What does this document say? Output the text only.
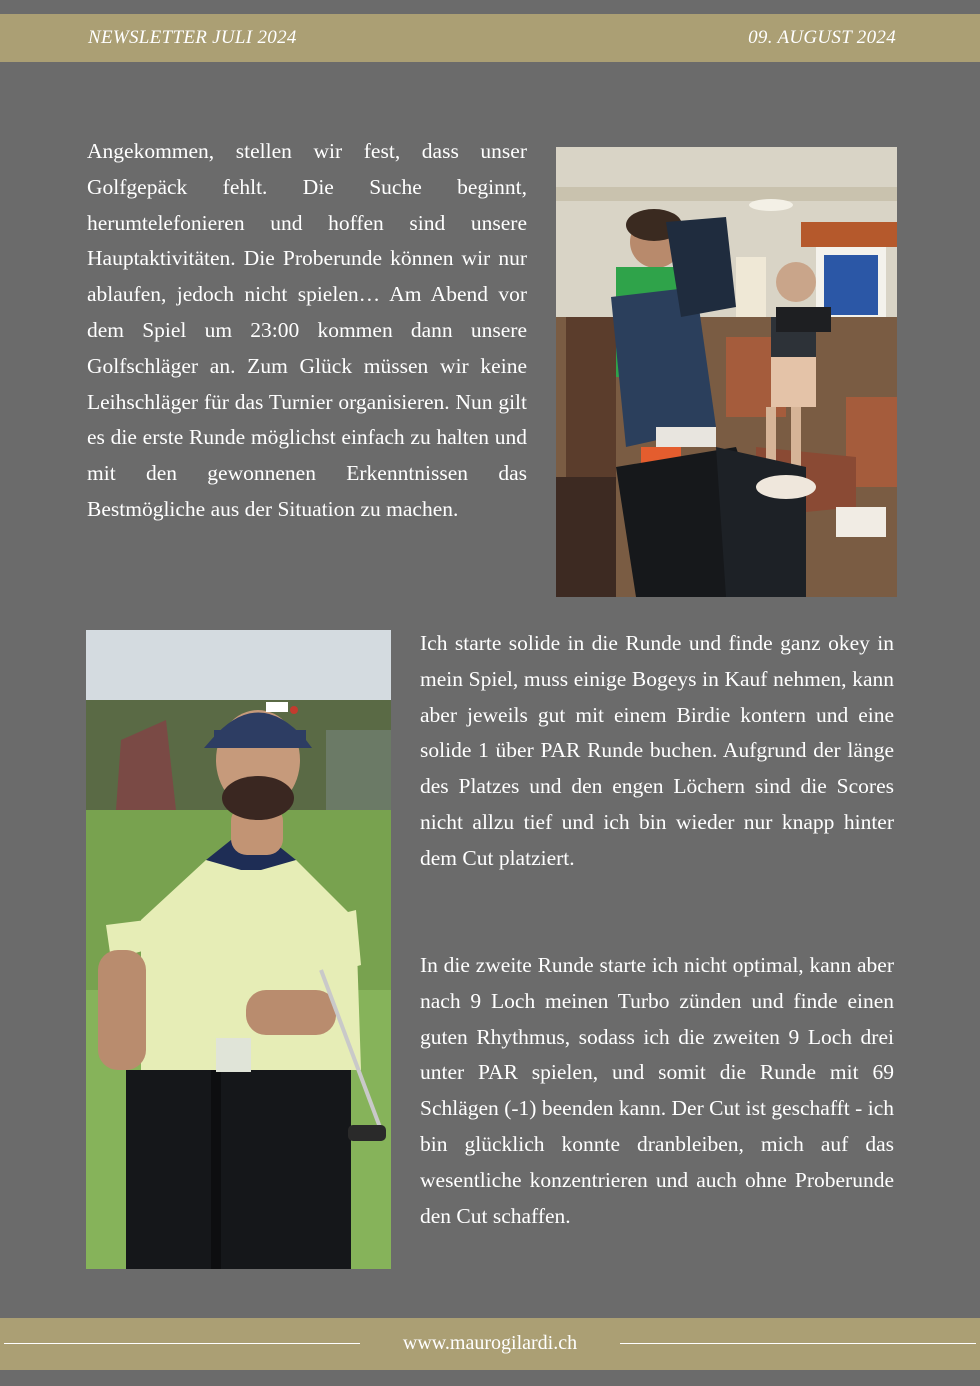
NEWSLETTER JULI 2024	09. AUGUST 2024

Angekommen, stellen wir fest, dass unser Golfgepäck fehlt. Die Suche beginnt, herumtelefonieren und hoffen sind unsere Hauptaktivitäten. Die Proberunde können wir nur ablaufen, jedoch nicht spielen… Am Abend vor dem Spiel um 23:00 kommen dann unsere Golfschläger an. Zum Glück müssen wir keine Leihschläger für das Turnier organisieren. Nun gilt es die erste Runde möglichst einfach zu halten und mit den gewonnenen Erkenntnissen das Bestmögliche aus der Situation zu machen.

Ich starte solide in die Runde und finde ganz okey in mein Spiel, muss einige Bogeys in Kauf nehmen, kann aber jeweils gut mit einem Birdie kontern und eine solide 1 über PAR Runde buchen. Aufgrund der länge des Platzes und den engen Löchern sind die Scores nicht allzu tief und ich bin wieder nur knapp hinter dem Cut platziert.

In die zweite Runde starte ich nicht optimal, kann aber nach 9 Loch meinen Turbo zünden und finde einen guten Rhythmus, sodass ich die zweiten 9 Loch drei unter PAR spielen, und somit die Runde mit 69 Schlägen (-1) beenden kann. Der Cut ist geschafft - ich bin glücklich konnte dranbleiben, mich auf das wesentliche konzentrieren und auch ohne Proberunde den Cut schaffen.

www.maurogilardi.ch
